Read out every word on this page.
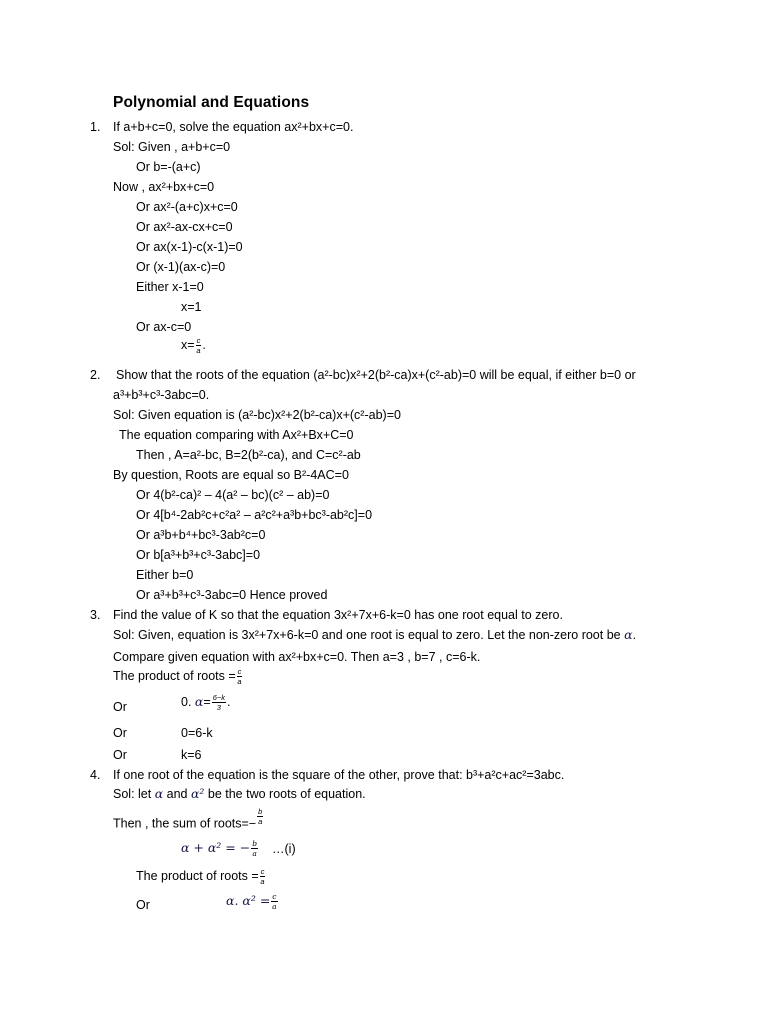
Polynomial and Equations
1. If a+b+c=0, solve the equation ax²+bx+c=0.
Sol: Given , a+b+c=0
Or b=-(a+c)
Now , ax²+bx+c=0
Or ax²-(a+c)x+c=0
Or ax²-ax-cx+c=0
Or ax(x-1)-c(x-1)=0
Or (x-1)(ax-c)=0
Either x-1=0
x=1
Or ax-c=0
$x= \frac{c}{a}$ .
2. Show that the roots of the equation (a²-bc)x²+2(b²-ca)x+(c²-ab)=0 will be equal, if either b=0 or
a³+b³+c³-3abc=0.
Sol: Given equation is (a²-bc)x²+2(b²-ca)x+(c²-ab)=0
The equation comparing with Ax²+Bx+C=0
Then , A=a²-bc, B=2(b²-ca), and C=c²-ab
By question, Roots are equal so B²-4AC=0
Or 4(b²-ca)² – 4(a² – bc)(c² – ab)=0
Or 4[b⁴-2ab²c+c²a² – a²c²+a³b+bc³-ab²c]=0
Or a³b+b⁴+bc³-3ab²c=0
Or b[a³+b³+c³-3abc]=0
Either b=0
Or a³+b³+c³-3abc=0 Hence proved
3. Find the value of K so that the equation 3x²+7x+6-k=0 has one root equal to zero.
Sol: Given, equation is 3x²+7x+6-k=0 and one root is equal to zero. Let the non-zero root be α.
Compare given equation with ax²+bx+c=0. Then a=3 , b=7 , c=6-k.
The product of roots = $\frac{c}{a}$
Or	0. $\alpha= \frac{6-k}{3}$ .
Or	0=6-k
Or	k=6
4. If one root of the equation is the square of the other, prove that: b³+a²c+ac²=3abc.
Sol: let α and α² be the two roots of equation.
Then , the sum of roots=− $\frac{b}{a}$
α + α² = − $\frac{b}{a}$ …(i)
The product of roots = $\frac{c}{a}$
Or	α. $\alpha^2 = \frac{c}{a}$
